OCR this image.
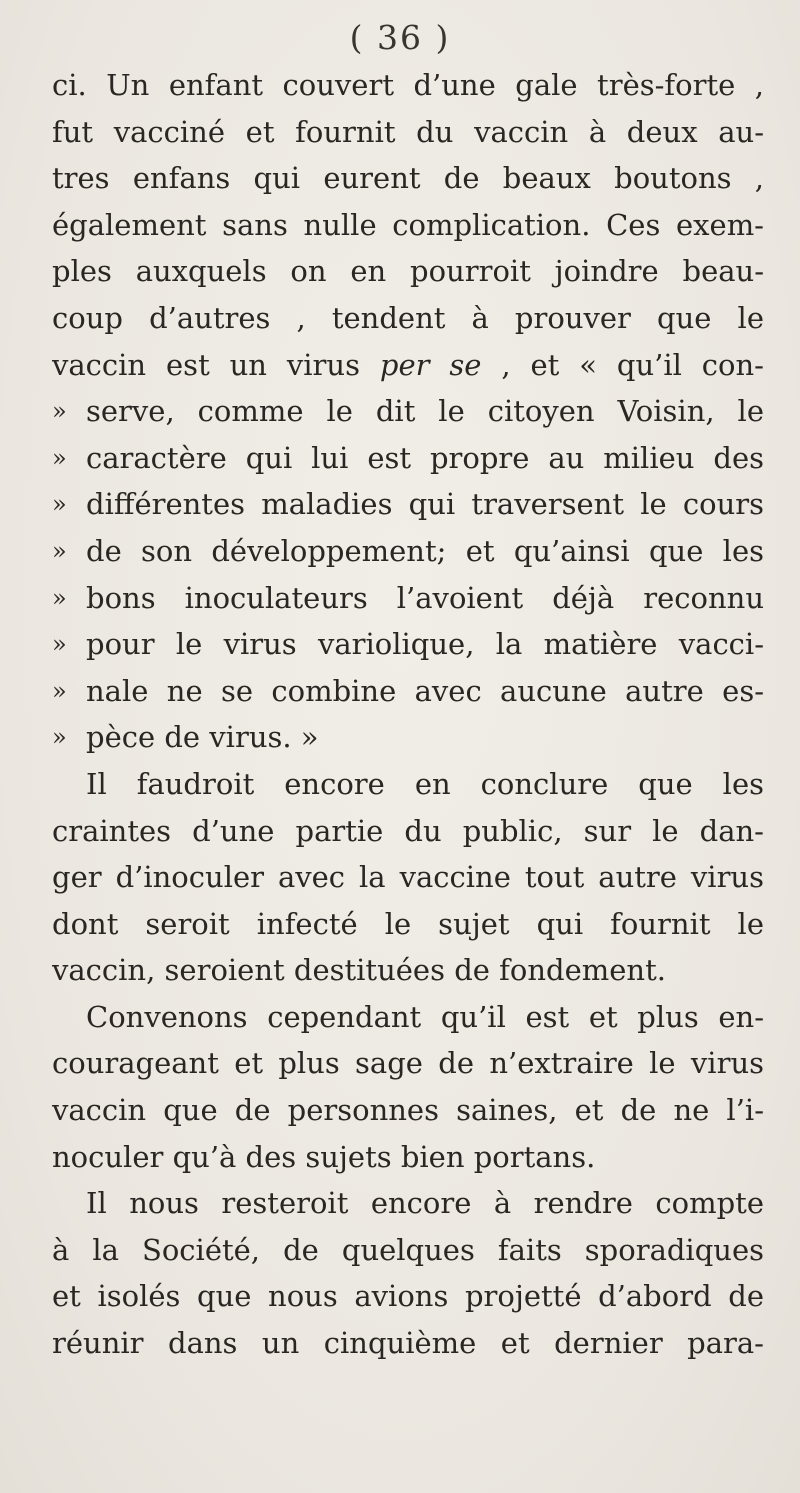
( 36 )
ci. Un enfant couvert d’une gale très-forte ,
fut vacciné et fournit du vaccin à deux au-
tres enfans qui eurent de beaux boutons ,
également sans nulle complication. Ces exem-
ples auxquels on en pourroit joindre beau-
coup d’autres , tendent à prouver que le
vaccin est un virus per se , et « qu’il con-
» serve, comme le dit le citoyen Voisin, le
» caractère qui lui est propre au milieu des
» différentes maladies qui traversent le cours
» de son développement; et qu’ainsi que les
» bons inoculateurs l’avoient déjà reconnu
» pour le virus variolique, la matière vacci-
» nale ne se combine avec aucune autre es-
» pèce de virus. »
Il faudroit encore en conclure que les
craintes d’une partie du public, sur le dan-
ger d’inoculer avec la vaccine tout autre virus
dont seroit infecté le sujet qui fournit le
vaccin, seroient destituées de fondement.
Convenons cependant qu’il est et plus en-
courageant et plus sage de n’extraire le virus
vaccin que de personnes saines, et de ne l’i-
noculer qu’à des sujets bien portans.
Il nous resteroit encore à rendre compte
à la Société, de quelques faits sporadiques
et isolés que nous avions projetté d’abord de
réunir dans un cinquième et dernier para-
